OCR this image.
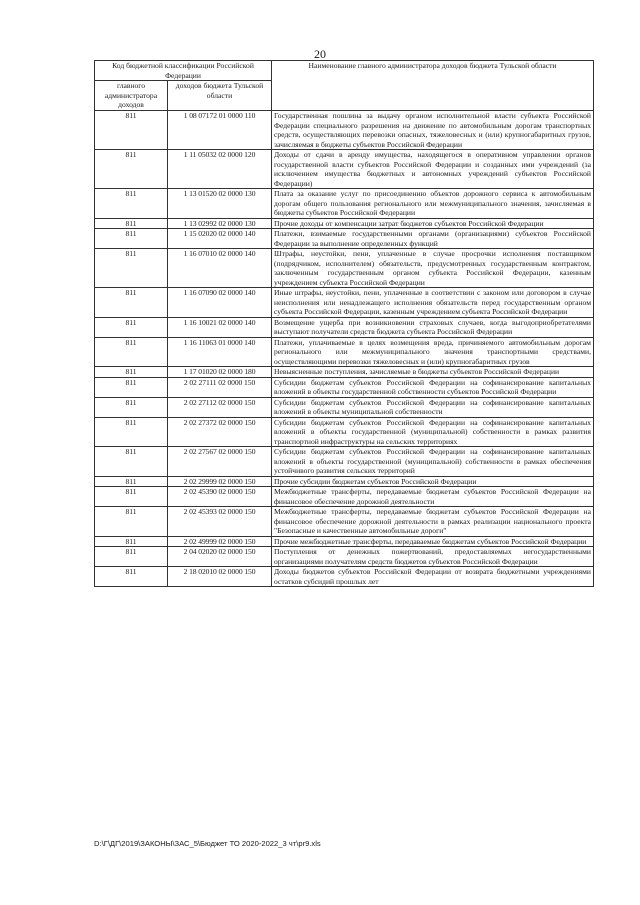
20
Код бюджетной классификации Российской Федерации		Наименование главного администратора доходов бюджета Тульской области
главного администратора доходов	доходов бюджета Тульской области	
811	1 08 07172 01 0000 110	Государственная пошлина за выдачу органом исполнительной власти субъекта Российской Федерации специального разрешения на движение по автомобильным дорогам транспортных средств, осуществляющих перевозки опасных, тяжеловесных и (или) крупногабаритных грузов, зачисляемая в бюджеты субъектов Российской Федерации
811	1 11 05032 02 0000 120	Доходы от сдачи в аренду имущества, находящегося в оперативном управлении органов государственной власти субъектов Российской Федерации и созданных ими учреждений (за исключением имущества бюджетных и автономных учреждений субъектов Российской Федерации)
811	1 13 01520 02 0000 130	Плата за оказание услуг по присоединению объектов дорожного сервиса к автомобильным дорогам общего пользования регионального или межмуниципального значения, зачисляемая в бюджеты субъектов Российской Федерации
811	1 13 02992 02 0000 130	Прочие доходы от компенсации затрат бюджетов субъектов Российской Федерации
811	1 15 02020 02 0000 140	Платежи, взимаемые государственными органами (организациями) субъектов Российской Федерации за выполнение определенных функций
811	1 16 07010 02 0000 140	Штрафы, неустойки, пени, уплаченные в случае просрочки исполнения поставщиком (подрядчиком, исполнителем) обязательств, предусмотренных государственным контрактом, заключенным государственным органом субъекта Российской Федерации, казенным учреждением субъекта Российской Федерации
811	1 16 07090 02 0000 140	Иные штрафы, неустойки, пени, уплаченные в соответствии с законом или договором в случае неисполнения или ненадлежащего исполнения обязательств перед государственным органом субъекта Российской Федерации, казенным учреждением субъекта Российской Федерации
811	1 16 10021 02 0000 140	Возмещение ущерба при возникновении страховых случаев, когда выгодоприобретателями выступают получатели средств бюджета субъекта Российской Федерации
811	1 16 11063 01 0000 140	Платежи, уплачиваемые в целях возмещения вреда, причиняемого автомобильным дорогам регионального или межмуниципального значения транспортными средствами, осуществляющими перевозки тяжеловесных и (или) крупногабаритных грузов
811	1 17 01020 02 0000 180	Невыясненные поступления, зачисляемые в бюджеты субъектов Российской Федерации
811	2 02 27111 02 0000 150	Субсидии бюджетам субъектов Российской Федерации на софинансирование капитальных вложений в объекты государственной собственности субъектов Российской Федерации
811	2 02 27112 02 0000 150	Субсидии бюджетам субъектов Российской Федерации на софинансирование капитальных вложений в объекты муниципальной собственности
811	2 02 27372 02 0000 150	Субсидии бюджетам субъектов Российской Федерации на софинансирование капитальных вложений в объекты государственной (муниципальной) собственности в рамках развития транспортной инфраструктуры на сельских территориях
811	2 02 27567 02 0000 150	Субсидии бюджетам субъектов Российской Федерации на софинансирование капитальных вложений в объекты государственной (муниципальной) собственности в рамках обеспечения устойчивого развития сельских территорий
811	2 02 29999 02 0000 150	Прочие субсидии бюджетам субъектов Российской Федерации
811	2 02 45390 02 0000 150	Межбюджетные трансферты, передаваемые бюджетам субъектов Российской Федерации на финансовое обеспечение дорожной деятельности
811	2 02 45393 02 0000 150	Межбюджетные трансферты, передаваемые бюджетам субъектов Российской Федерации на финансовое обеспечение дорожной деятельности в рамках реализации национального проекта "Безопасные и качественные автомобильные дороги"
811	2 02 49999 02 0000 150	Прочие межбюджетные трансферты, передаваемые бюджетам субъектов Российской Федерации
811	2 04 02020 02 0000 150	Поступления от денежных пожертвований, предоставляемых негосударственными организациями получателям средств бюджетов субъектов Российской Федерации
811	2 18 02010 02 0000 150	Доходы бюджетов субъектов Российской Федерации от возврата бюджетными учреждениями остатков субсидий прошлых лет
D:\Г\ДГ\2019\ЗАКОНЫ\ЗАС_5\Бюджет ТО 2020-2022_3 чт\pr9.xls
